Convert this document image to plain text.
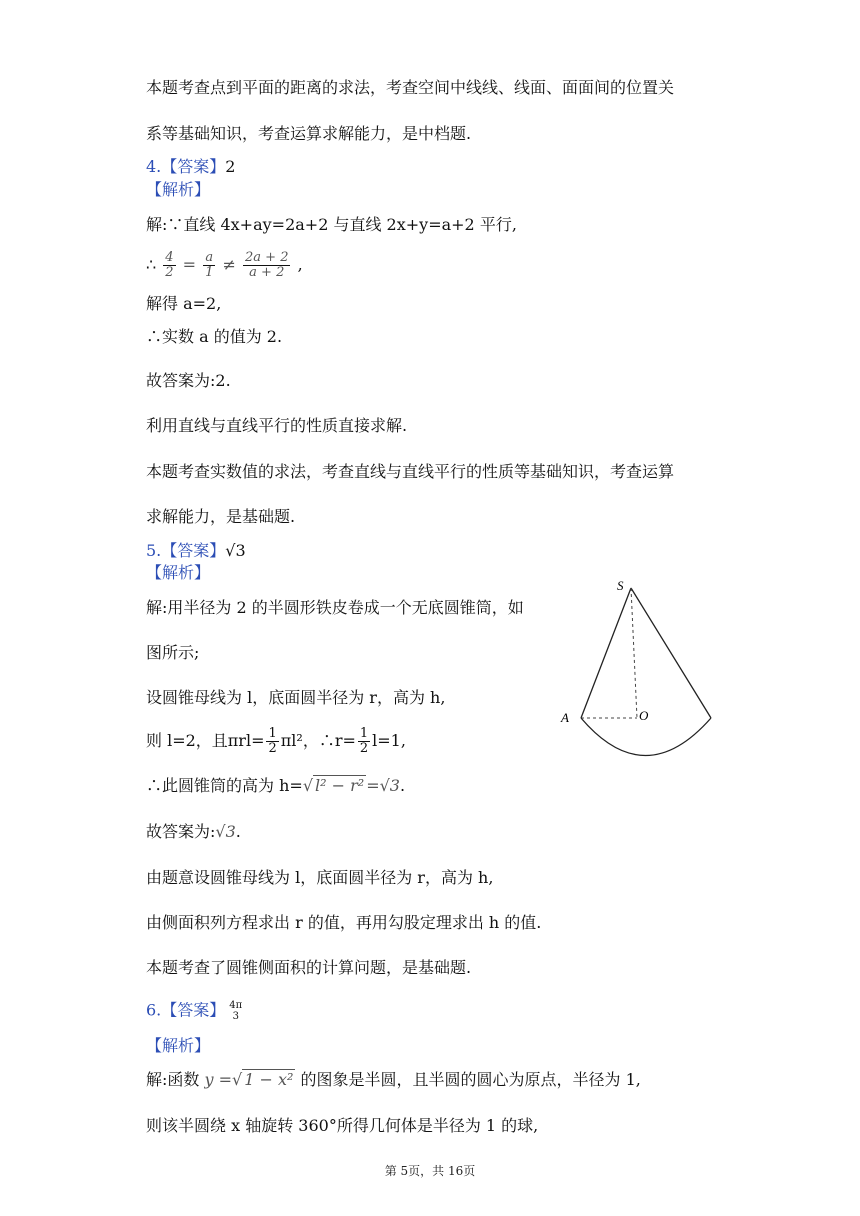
本题考查点到平面的距离的求法，考查空间中线线、线面、面面间的位置关
系等基础知识，考查运算求解能力，是中档题.
4.【答案】2
【解析】
解:∵直线 4x+ay=2a+2 与直线 2x+y=a+2 平行,
∴ $\frac{4}{2} = \frac{a}{1} \ne \frac{2a + 2}{a + 2}$ ,
解得 a=2,
∴实数 a 的值为 2.
故答案为:2.
利用直线与直线平行的性质直接求解.
本题考查实数值的求法，考查直线与直线平行的性质等基础知识，考查运算
求解能力，是基础题.
5.【答案】√3
【解析】
解:用半径为 2 的半圆形铁皮卷成一个无底圆锥筒，如
图所示;
设圆锥母线为 l，底面圆半径为 r，高为 h,
则 l=2，且$\pi rl= \frac{1}{2} \pi l^2$，∴r= $\frac{1}{2} l=1$,
∴此圆锥筒的高为 h=√ l² − r² =√3.
故答案为:√3.
由题意设圆锥母线为 l，底面圆半径为 r，高为 h,
由侧面积列方程求出 r 的值，再用勾股定理求出 h 的值.
本题考查了圆锥侧面积的计算问题，是基础题.
6.【答案】 4π
3
【解析】
解:函数 y =√ 1 − x² 的图象是半圆，且半圆的圆心为原点，半径为 1,
则该半圆绕 x 轴旋转 360°所得几何体是半径为 1 的球,
S
A	O
第 5页，共 16页
